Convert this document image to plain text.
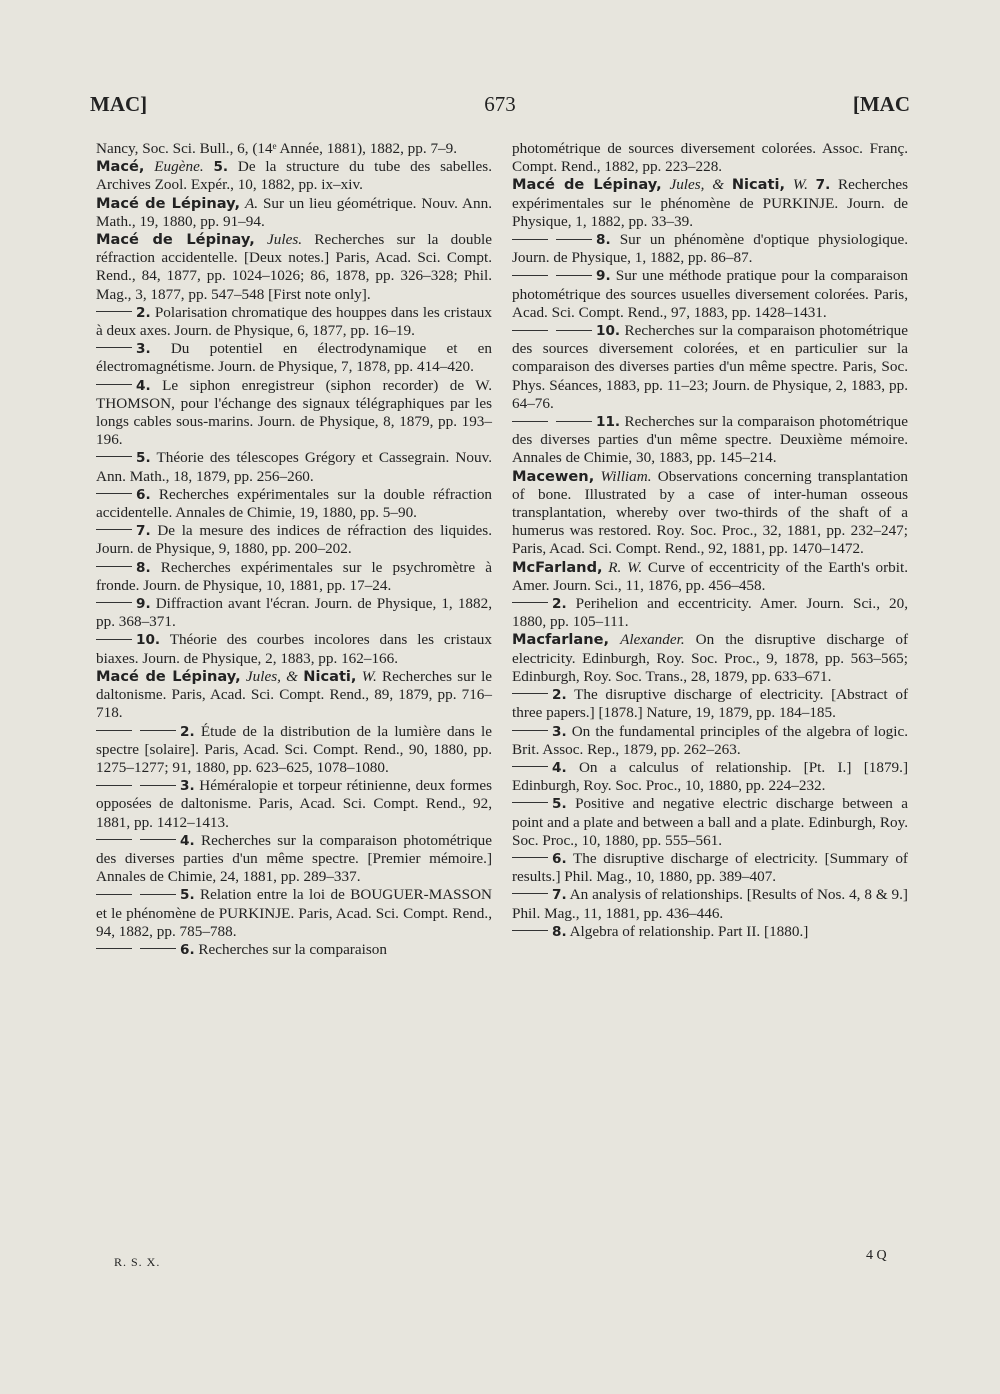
MAC]	673	[MAC

Nancy, Soc. Sci. Bull., 6, (14ᵉ Année, 1881), 1882, pp. 7–9.

Macé, Eugène. 5. De la structure du tube des sabelles. Archives Zool. Expér., 10, 1882, pp. ix–xiv.

Macé de Lépinay, A. Sur un lieu géométrique. Nouv. Ann. Math., 19, 1880, pp. 91–94.

Macé de Lépinay, Jules. Recherches sur la double réfraction accidentelle. [Deux notes.] Paris, Acad. Sci. Compt. Rend., 84, 1877, pp. 1024–1026; 86, 1878, pp. 326–328; Phil. Mag., 3, 1877, pp. 547–548 [First note only].

2. Polarisation chromatique des houppes dans les cristaux à deux axes. Journ. de Physique, 6, 1877, pp. 16–19.

3. Du potentiel en électrodynamique et en électromagnétisme. Journ. de Physique, 7, 1878, pp. 414–420.

4. Le siphon enregistreur (siphon recorder) de W. THOMSON, pour l'échange des signaux télégraphiques par les longs cables sous-marins. Journ. de Physique, 8, 1879, pp. 193–196.

5. Théorie des télescopes Grégory et Cassegrain. Nouv. Ann. Math., 18, 1879, pp. 256–260.

6. Recherches expérimentales sur la double réfraction accidentelle. Annales de Chimie, 19, 1880, pp. 5–90.

7. De la mesure des indices de réfraction des liquides. Journ. de Physique, 9, 1880, pp. 200–202.

8. Recherches expérimentales sur le psychromètre à fronde. Journ. de Physique, 10, 1881, pp. 17–24.

9. Diffraction avant l'écran. Journ. de Physique, 1, 1882, pp. 368–371.

10. Théorie des courbes incolores dans les cristaux biaxes. Journ. de Physique, 2, 1883, pp. 162–166.

Macé de Lépinay, Jules, & Nicati, W. Recherches sur le daltonisme. Paris, Acad. Sci. Compt. Rend., 89, 1879, pp. 716–718.

2. Étude de la distribution de la lumière dans le spectre [solaire]. Paris, Acad. Sci. Compt. Rend., 90, 1880, pp. 1275–1277; 91, 1880, pp. 623–625, 1078–1080.

3. Héméralopie et torpeur rétinienne, deux formes opposées de daltonisme. Paris, Acad. Sci. Compt. Rend., 92, 1881, pp. 1412–1413.

4. Recherches sur la comparaison photométrique des diverses parties d'un même spectre. [Premier mémoire.] Annales de Chimie, 24, 1881, pp. 289–337.

5. Relation entre la loi de BOUGUER-MASSON et le phénomène de PURKINJE. Paris, Acad. Sci. Compt. Rend., 94, 1882, pp. 785–788.

6. Recherches sur la comparaison

photométrique de sources diversement colorées. Assoc. Franç. Compt. Rend., 1882, pp. 223–228.

Macé de Lépinay, Jules, & Nicati, W. 7. Recherches expérimentales sur le phénomène de PURKINJE. Journ. de Physique, 1, 1882, pp. 33–39.

8. Sur un phénomène d'optique physiologique. Journ. de Physique, 1, 1882, pp. 86–87.

9. Sur une méthode pratique pour la comparaison photométrique des sources usuelles diversement colorées. Paris, Acad. Sci. Compt. Rend., 97, 1883, pp. 1428–1431.

10. Recherches sur la comparaison photométrique des sources diversement colorées, et en particulier sur la comparaison des diverses parties d'un même spectre. Paris, Soc. Phys. Séances, 1883, pp. 11–23; Journ. de Physique, 2, 1883, pp. 64–76.

11. Recherches sur la comparaison photométrique des diverses parties d'un même spectre. Deuxième mémoire. Annales de Chimie, 30, 1883, pp. 145–214.

Macewen, William. Observations concerning transplantation of bone. Illustrated by a case of inter-human osseous transplantation, whereby over two-thirds of the shaft of a humerus was restored. Roy. Soc. Proc., 32, 1881, pp. 232–247; Paris, Acad. Sci. Compt. Rend., 92, 1881, pp. 1470–1472.

McFarland, R. W. Curve of eccentricity of the Earth's orbit. Amer. Journ. Sci., 11, 1876, pp. 456–458.

2. Perihelion and eccentricity. Amer. Journ. Sci., 20, 1880, pp. 105–111.

Macfarlane, Alexander. On the disruptive discharge of electricity. Edinburgh, Roy. Soc. Proc., 9, 1878, pp. 563–565; Edinburgh, Roy. Soc. Trans., 28, 1879, pp. 633–671.

2. The disruptive discharge of electricity. [Abstract of three papers.] [1878.] Nature, 19, 1879, pp. 184–185.

3. On the fundamental principles of the algebra of logic. Brit. Assoc. Rep., 1879, pp. 262–263.

4. On a calculus of relationship. [Pt. I.] [1879.] Edinburgh, Roy. Soc. Proc., 10, 1880, pp. 224–232.

5. Positive and negative electric discharge between a point and a plate and between a ball and a plate. Edinburgh, Roy. Soc. Proc., 10, 1880, pp. 555–561.

6. The disruptive discharge of electricity. [Summary of results.] Phil. Mag., 10, 1880, pp. 389–407.

7. An analysis of relationships. [Results of Nos. 4, 8 & 9.] Phil. Mag., 11, 1881, pp. 436–446.

8. Algebra of relationship. Part II. [1880.]

R. S. X.	4 Q
